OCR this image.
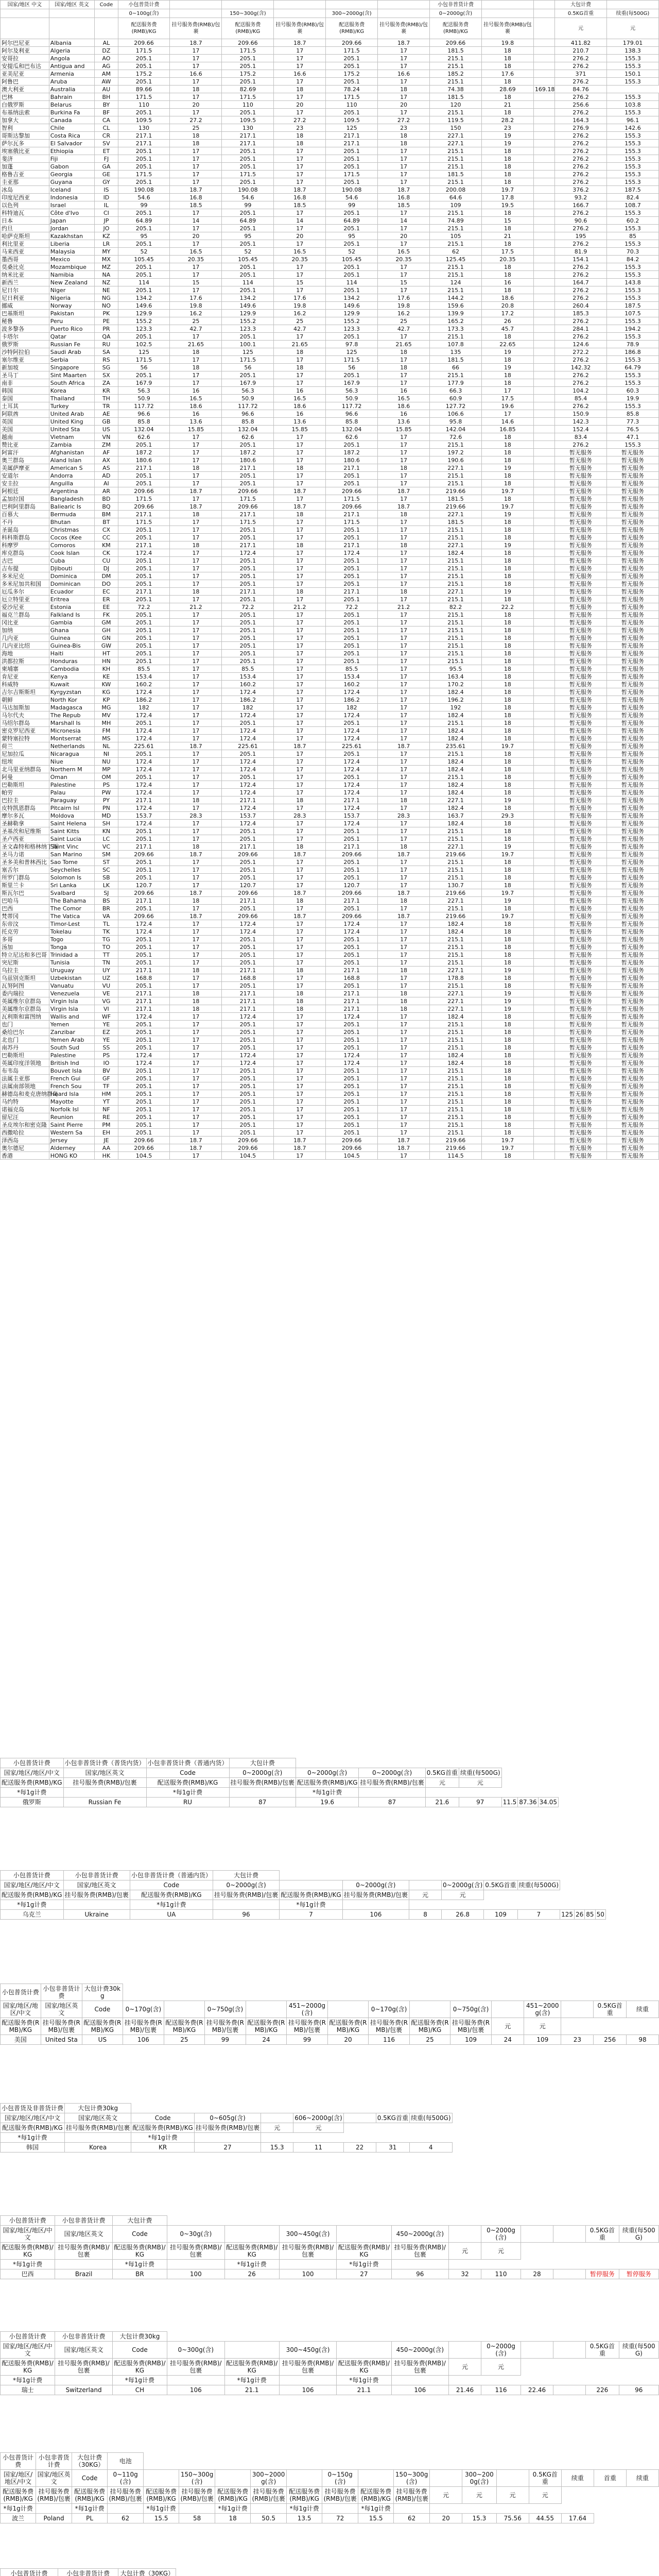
国家/地区 中文	国家/地区 英文	Code	小包普货计费						小包非普货计费			大包计费	
			0~100g(含)		150~300g(含)		300~2000g(含)		0~2000g(含)			0.5KG首重	续重(每500G)
			配送服务费(RMB)/KG	挂号服务费(RMB)/包裹	配送服务费(RMB)/KG	挂号服务费(RMB)/包裹	配送服务费(RMB)/KG	挂号服务费(RMB)/包裹	配送服务费(RMB)/KG	挂号服务费(RMB)/包裹		元	元
阿尔巴尼亚	Albania	AL	209.66	18.7	209.66	18.7	209.66	18.7	209.66	19.8		411.82	179.01
阿尔及利亚	Algeria	DZ	171.5	17	171.5	17	171.5	17	181.5	18		210.7	138.3
安哥拉	Angola	AO	205.1	17	205.1	17	205.1	17	215.1	18		276.2	155.3
安提瓜和巴布达	Antigua and	AG	205.1	17	205.1	17	205.1	17	215.1	18		276.2	155.3
亚美尼亚	Armenia	AM	175.2	16.6	175.2	16.6	175.2	16.6	185.2	17.6		371	150.1
阿鲁巴	Aruba	AW	205.1	17	205.1	17	205.1	17	215.1	18		276.2	155.3
澳大利亚	Australia	AU	89.66	18	82.69	18	78.24	18	74.38	28.69	169.18	84.76	
巴林	Bahrain	BH	171.5	17	171.5	17	171.5	17	181.5	18		276.2	155.3
白俄罗斯	Belarus	BY	110	20	110	20	110	20	120	21		256.6	103.8
布基纳法索	Burkina Fa	BF	205.1	17	205.1	17	205.1	17	215.1	18		276.2	155.3
加拿大	Canada	CA	109.5	27.2	109.5	27.2	109.5	27.2	119.5	28.2		164.3	96.1
智利	Chile	CL	130	25	130	23	125	23	150	23		276.9	142.6
哥斯达黎加	Costa Rica	CR	217.1	18	217.1	18	217.1	18	227.1	19		276.2	155.3
萨尔瓦多	El Salvador	SV	217.1	18	217.1	18	217.1	18	227.1	19		276.2	155.3
埃塞俄比亚	Ethiopia	ET	205.1	17	205.1	17	205.1	17	215.1	18		276.2	155.3
斐济	Fiji	FJ	205.1	17	205.1	17	205.1	17	215.1	18		276.2	155.3
加蓬	Gabon	GA	205.1	17	205.1	17	205.1	17	215.1	18		276.2	155.3
格鲁吉亚	Georgia	GE	171.5	17	171.5	17	171.5	17	181.5	18		276.2	155.3
圭亚那	Guyana	GY	205.1	17	205.1	17	205.1	17	215.1	18		276.2	155.3
冰岛	Iceland	IS	190.08	18.7	190.08	18.7	190.08	18.7	200.08	19.7		376.2	187.5
印度尼西亚	Indonesia	ID	54.6	16.8	54.6	16.8	54.6	16.8	64.6	17.8		93.2	82.4
以色列	Israel	IL	99	18.5	99	18.5	99	18.5	109	19.5		166.7	108.7
科特迪瓦	Côte d'Ivo	CI	205.1	17	205.1	17	205.1	17	215.1	18		276.2	155.3
日本	Japan	JP	64.89	14	64.89	14	64.89	14	74.89	15		90.6	60.2
约旦	Jordan	JO	205.1	17	205.1	17	205.1	17	215.1	18		276.2	155.3
哈萨克斯坦	Kazakhstan	KZ	95	20	95	20	95	20	105	21		195	85
利比里亚	Liberia	LR	205.1	17	205.1	17	205.1	17	215.1	18		276.2	155.3
马来西亚	Malaysia	MY	52	16.5	52	16.5	52	16.5	62	17.5		81.9	70.3
墨西哥	Mexico	MX	105.45	20.35	105.45	20.35	105.45	20.35	125.45	20.35		154.1	84.2
莫桑比克	Mozambique	MZ	205.1	17	205.1	17	205.1	17	215.1	18		276.2	155.3
纳米比亚	Namibia	NA	205.1	17	205.1	17	205.1	17	215.1	18		276.2	155.3
新西兰	New Zealand	NZ	114	15	114	15	114	15	124	16		164.7	143.8
尼日尔	Niger	NE	205.1	17	205.1	17	205.1	17	215.1	18		276.2	155.3
尼日利亚	Nigeria	NG	134.2	17.6	134.2	17.6	134.2	17.6	144.2	18.6		276.2	155.3
挪威	Norway	NO	149.6	19.8	149.6	19.8	149.6	19.8	159.6	20.8		260.4	187.5
巴基斯坦	Pakistan	PK	129.9	16.2	129.9	16.2	129.9	16.2	139.9	17.2		185.3	107.5
秘鲁	Peru	PE	155.2	25	155.2	25	155.2	25	165.2	26		276.2	155.3
波多黎各	Puerto Rico	PR	123.3	42.7	123.3	42.7	123.3	42.7	173.3	45.7		284.1	194.2
卡塔尔	Qatar	QA	205.1	17	205.1	17	205.1	17	215.1	18		276.2	155.3
俄罗斯	Russian Fe	RU	102.5	21.65	100.1	21.65	97.8	21.65	107.8	22.65		124.6	78.9
沙特阿拉伯	Saudi Arab	SA	125	18	125	18	125	18	135	19		272.2	186.8
塞尔维亚	Serbia	RS	171.5	17	171.5	17	171.5	17	181.5	18		276.2	155.3
新加坡	Singapore	SG	56	18	56	18	56	18	66	19		142.32	64.79
圣马丁	Sint Maarten	SX	205.1	17	205.1	17	205.1	17	215.1	18		276.2	155.3
南非	South Africa	ZA	167.9	17	167.9	17	167.9	17	177.9	18		276.2	155.3
韩国	Korea	KR	56.3	16	56.3	16	56.3	16	66.3	17		104.2	60.3
泰国	Thailand	TH	50.9	16.5	50.9	16.5	50.9	16.5	60.9	17.5		85.4	19.9
土耳其	Turkey	TR	117.72	18.6	117.72	18.6	117.72	18.6	127.72	19.6		276.2	155.3
阿联酋	United Arab	AE	96.6	16	96.6	16	96.6	16	106.6	17		150.9	85.8
英国	United King	GB	85.8	13.6	85.8	13.6	85.8	13.6	95.8	14.6		142.3	77.3
美国	United Sta	US	132.04	15.85	132.04	15.85	132.04	15.85	142.04	16.85		152.4	76.5
越南	Vietnam	VN	62.6	17	62.6	17	62.6	17	72.6	18		83.4	47.1
赞比亚	Zambia	ZM	205.1	17	205.1	17	205.1	17	215.1	18		276.2	155.3
阿富汗	Afghanistan	AF	187.2	17	187.2	17	187.2	17	197.2	18		暂无服务	暂无服务
奥兰群岛	Aland Islan	AX	180.6	17	180.6	17	180.6	17	190.6	18		暂无服务	暂无服务
美属萨摩亚	American S	AS	217.1	18	217.1	18	217.1	18	227.1	19		暂无服务	暂无服务
安道尔	Andorra	AD	205.1	17	205.1	17	205.1	17	215.1	18		暂无服务	暂无服务
安圭拉	Anguilla	AI	205.1	17	205.1	17	205.1	17	215.1	18		暂无服务	暂无服务
阿根廷	Argentina	AR	209.66	18.7	209.66	18.7	209.66	18.7	219.66	19.7		暂无服务	暂无服务
孟加拉国	Bangladesh	BD	171.5	17	171.5	17	171.5	17	181.5	18		暂无服务	暂无服务
巴利阿里群岛	Baliearic Is	BQ	209.66	18.7	209.66	18.7	209.66	18.7	219.66	19.7		暂无服务	暂无服务
百慕大	Bermuda	BM	217.1	18	217.1	18	217.1	18	227.1	19		暂无服务	暂无服务
不丹	Bhutan	BT	171.5	17	171.5	17	171.5	17	181.5	18		暂无服务	暂无服务
圣诞岛	Christmas	CX	205.1	17	205.1	17	205.1	17	215.1	18		暂无服务	暂无服务
科科斯群岛	Cocos (Kee	CC	205.1	17	205.1	17	205.1	17	215.1	18		暂无服务	暂无服务
科摩罗	Comoros	KM	217.1	18	217.1	18	217.1	18	227.1	19		暂无服务	暂无服务
库克群岛	Cook Islan	CK	172.4	17	172.4	17	172.4	17	182.4	18		暂无服务	暂无服务
古巴	Cuba	CU	205.1	17	205.1	17	205.1	17	215.1	18		暂无服务	暂无服务
吉布提	Djibouti	DJ	205.1	17	205.1	17	205.1	17	215.1	18		暂无服务	暂无服务
多米尼克	Dominica	DM	205.1	17	205.1	17	205.1	17	215.1	18		暂无服务	暂无服务
多米尼加共和国	Dominican	DO	205.1	17	205.1	17	205.1	17	215.1	18		暂无服务	暂无服务
厄瓜多尔	Ecuador	EC	217.1	18	217.1	18	217.1	18	227.1	19		暂无服务	暂无服务
厄立特里亚	Eritrea	ER	205.1	17	205.1	17	205.1	17	215.1	18		暂无服务	暂无服务
爱沙尼亚	Estonia	EE	72.2	21.2	72.2	21.2	72.2	21.2	82.2	22.2		暂无服务	暂无服务
福克兰群岛	Falkland Is	FK	205.1	17	205.1	17	205.1	17	215.1	18		暂无服务	暂无服务
冈比亚	Gambia	GM	205.1	17	205.1	17	205.1	17	215.1	18		暂无服务	暂无服务
加纳	Ghana	GH	205.1	17	205.1	17	205.1	17	215.1	18		暂无服务	暂无服务
几内亚	Guinea	GN	205.1	17	205.1	17	205.1	17	215.1	18		暂无服务	暂无服务
几内亚比绍	Guinea-Bis	GW	205.1	17	205.1	17	205.1	17	215.1	18		暂无服务	暂无服务
海地	Haiti	HT	205.1	17	205.1	17	205.1	17	215.1	18		暂无服务	暂无服务
洪都拉斯	Honduras	HN	205.1	17	205.1	17	205.1	17	215.1	18		暂无服务	暂无服务
柬埔寨	Cambodia	KH	85.5	17	85.5	17	85.5	17	95.5	18		暂无服务	暂无服务
肯尼亚	Kenya	KE	153.4	17	153.4	17	153.4	17	163.4	18		暂无服务	暂无服务
科威特	Kuwait	KW	160.2	17	160.2	17	160.2	17	170.2	18		暂无服务	暂无服务
吉尔吉斯斯坦	Kyrgyzstan	KG	172.4	17	172.4	17	172.4	17	182.4	18		暂无服务	暂无服务
朝鲜	North Kor	KP	186.2	17	186.2	17	186.2	17	196.2	18		暂无服务	暂无服务
马达加斯加	Madagasca	MG	182	17	182	17	182	17	192	18		暂无服务	暂无服务
马尔代夫	The Repub	MV	172.4	17	172.4	17	172.4	17	182.4	18		暂无服务	暂无服务
马绍尔群岛	Marshall Is	MH	205.1	17	205.1	17	205.1	17	215.1	18		暂无服务	暂无服务
密克罗尼西亚	Micronesia	FM	172.4	17	172.4	17	172.4	17	182.4	18		暂无服务	暂无服务
蒙特塞拉特	Montserrat	MS	172.4	17	172.4	17	172.4	17	182.4	18		暂无服务	暂无服务
荷兰	Netherlands	NL	225.61	18.7	225.61	18.7	225.61	18.7	235.61	19.7		暂无服务	暂无服务
尼加拉瓜	Nicaragua	NI	205.1	17	205.1	17	205.1	17	215.1	18		暂无服务	暂无服务
纽埃	Niue	NU	172.4	17	172.4	17	172.4	17	182.4	18		暂无服务	暂无服务
北马里亚纳群岛	Northern M	MP	172.4	17	172.4	17	172.4	17	182.4	18		暂无服务	暂无服务
阿曼	Oman	OM	205.1	17	205.1	17	205.1	17	215.1	18		暂无服务	暂无服务
巴勒斯坦	Palestine	PS	172.4	17	172.4	17	172.4	17	182.4	18		暂无服务	暂无服务
帕劳	Palau	PW	172.4	17	172.4	17	172.4	17	182.4	18		暂无服务	暂无服务
巴拉圭	Paraguay	PY	217.1	18	217.1	18	217.1	18	227.1	19		暂无服务	暂无服务
皮特凯恩群岛	Pitcairn Isl	PN	172.4	17	172.4	17	172.4	17	182.4	18		暂无服务	暂无服务
摩尔多瓦	Moldova	MD	153.7	28.3	153.7	28.3	153.7	28.3	163.7	29.3		暂无服务	暂无服务
圣赫勒拿	Saint Helena	SH	172.4	17	172.4	17	172.4	17	182.4	18		暂无服务	暂无服务
圣基茨和尼维斯	Saint Kitts	KN	205.1	17	205.1	17	205.1	17	215.1	18		暂无服务	暂无服务
圣卢西亚	Saint Lucia	LC	205.1	17	205.1	17	205.1	17	215.1	18		暂无服务	暂无服务
圣文森特和格林纳丁斯	Saint Vinc	VC	217.1	18	217.1	18	217.1	18	227.1	19		暂无服务	暂无服务
圣马力诺	San Marino	SM	209.66	18.7	209.66	18.7	209.66	18.7	219.66	19.7		暂无服务	暂无服务
圣多美和普林西比	Sao Tome	ST	205.1	17	205.1	17	205.1	17	215.1	18		暂无服务	暂无服务
塞舌尔	Seychelles	SC	205.1	17	205.1	17	205.1	17	215.1	18		暂无服务	暂无服务
所罗门群岛	Solomon Is	SB	205.1	17	205.1	17	205.1	17	215.1	18		暂无服务	暂无服务
斯里兰卡	Sri Lanka	LK	120.7	17	120.7	17	120.7	17	130.7	18		暂无服务	暂无服务
斯瓦尔巴	Svalbard	SJ	209.66	18.7	209.66	18.7	209.66	18.7	219.66	19.7		暂无服务	暂无服务
巴哈马	The Bahama	BS	217.1	18	217.1	18	217.1	18	227.1	19		暂无服务	暂无服务
巴西	The Comor	BR	205.1	17	205.1	17	205.1	17	215.1	18		暂无服务	暂无服务
梵蒂冈	The Vatica	VA	209.66	18.7	209.66	18.7	209.66	18.7	219.66	19.7		暂无服务	暂无服务
东帝汶	Timor-Lest	TL	172.4	17	172.4	17	172.4	17	182.4	18		暂无服务	暂无服务
托克劳	Tokelau	TK	172.4	17	172.4	17	172.4	17	182.4	18		暂无服务	暂无服务
多哥	Togo	TG	205.1	17	205.1	17	205.1	17	215.1	18		暂无服务	暂无服务
汤加	Tonga	TO	205.1	17	205.1	17	205.1	17	215.1	18		暂无服务	暂无服务
特立尼达和多巴哥	Trinidad a	TT	205.1	17	205.1	17	205.1	17	215.1	18		暂无服务	暂无服务
突尼斯	Tunisia	TN	205.1	17	205.1	17	205.1	17	215.1	18		暂无服务	暂无服务
乌拉圭	Uruguay	UY	217.1	18	217.1	18	217.1	18	227.1	19		暂无服务	暂无服务
乌兹别克斯坦	Uzbekistan	UZ	168.8	17	168.8	17	168.8	17	178.8	18		暂无服务	暂无服务
瓦努阿图	Vanuatu	VU	205.1	17	205.1	17	205.1	17	215.1	18		暂无服务	暂无服务
委内瑞拉	Venezuela	VE	217.1	18	217.1	18	217.1	18	227.1	19		暂无服务	暂无服务
英属维尔京群岛	Virgin Isla	VG	217.1	18	217.1	18	217.1	18	227.1	19		暂无服务	暂无服务
美属维尔京群岛	Virgin Isla	VI	217.1	18	217.1	18	217.1	18	227.1	19		暂无服务	暂无服务
瓦利斯和富图纳	Wallis and	WF	172.4	17	172.4	17	172.4	17	182.4	18		暂无服务	暂无服务
也门	Yemen	YE	205.1	17	205.1	17	205.1	17	215.1	18		暂无服务	暂无服务
桑给巴尔	Zanzibar	EZ	205.1	17	205.1	17	205.1	17	215.1	18		暂无服务	暂无服务
北也门	Yemen Arab	YE	205.1	17	205.1	17	205.1	17	215.1	18		暂无服务	暂无服务
南苏丹	South Sud	SS	205.1	17	205.1	17	205.1	17	215.1	18		暂无服务	暂无服务
巴勒斯坦	Palestine	PS	172.4	17	172.4	17	172.4	17	182.4	18		暂无服务	暂无服务
英属印度洋领地	British Ind	IO	172.4	17	172.4	17	172.4	17	182.4	18		暂无服务	暂无服务
布韦岛	Bouvet Isla	BV	205.1	17	205.1	17	205.1	17	215.1	18		暂无服务	暂无服务
法属圭亚那	French Gui	GF	205.1	17	205.1	17	205.1	17	215.1	18		暂无服务	暂无服务
法属南部领地	French Sou	TF	205.1	17	205.1	17	205.1	17	215.1	18		暂无服务	暂无服务
赫德岛和麦克唐纳群岛	Heard Isla	HM	205.1	17	205.1	17	205.1	17	215.1	18		暂无服务	暂无服务
马约特	Mayotte	YT	205.1	17	205.1	17	205.1	17	215.1	18		暂无服务	暂无服务
诺福克岛	Norfolk Isl	NF	205.1	17	205.1	17	205.1	17	215.1	18		暂无服务	暂无服务
留尼汪	Reunion	RE	205.1	17	205.1	17	205.1	17	215.1	18		暂无服务	暂无服务
圣皮埃尔和密克隆	Saint Pierre	PM	205.1	17	205.1	17	205.1	17	215.1	18		暂无服务	暂无服务
西撒哈拉	Western Sa	EH	205.1	17	205.1	17	205.1	17	215.1	18		暂无服务	暂无服务
泽西岛	Jersey	JE	209.66	18.7	209.66	18.7	209.66	18.7	219.66	19.7		暂无服务	暂无服务
奥尔德尼	Alderney	AA	209.66	18.7	209.66	18.7	209.66	18.7	219.66	19.7		暂无服务	暂无服务
香港	HONG KO	HK	104.5	17	104.5	17	104.5	17	114.5	18		暂无服务	暂无服务
小包普货计费	小包非普货计费（普货内货）	小包非普货计费（普通内货）	大包计费							
国家/地区/地区/中文	国家/地区英文	Code	0~2000g(含)	0~2000g(含)	0~2000g(含)	0.5KG首重	续重(每500G)			
配送服务费(RMB)/KG	挂号服务费(RMB)/包裹	配送服务费(RMB)/KG	挂号服务费(RMB)/包裹	配送服务费(RMB)/KG	挂号服务费(RMB)/包裹	元	元			
*每1g计费		*每1g计费		*每1g计费						
俄罗斯	Russian Fe	RU	87	19.6	87	21.6	97	11.5	87.36	34.05
小包普货计费	小包非普货计费	小包非普货计费（普通内货）	大包计费										
国家/地区/地区/中文	国家/地区英文	Code	0~2000g(含)		0~2000g(含)		0~2000g(含)	0.5KG首重	续重(每500G)				
配送服务费(RMB)/KG	挂号服务费(RMB)/包裹	配送服务费(RMB)/KG	挂号服务费(RMB)/包裹	配送服务费(RMB)/KG	挂号服务费(RMB)/包裹	元	元						
*每1g计费		*每1g计费		*每1g计费									
乌克兰	Ukraine	UA	96	7	106	8	26.8	109	7	125	26	85	50
小包普货计费	小包非普货计费	大包计费30kg														
国家/地区/地区/中文	国家/地区英文	Code	0~170g(含)		0~750g(含)		451~2000g(含)		0~170g(含)		0~750g(含)		451~2000g(含)		0.5KG首重	续重
配送服务费(RMB)/KG	挂号服务费(RMB)/包裹	配送服务费(RMB)/KG	挂号服务费(RMB)/包裹	配送服务费(RMB)/KG	挂号服务费(RMB)/包裹	配送服务费(RMB)/KG	挂号服务费(RMB)/包裹	配送服务费(RMB)/KG	挂号服务费(RMB)/包裹	配送服务费(RMB)/KG	挂号服务费(RMB)/包裹	元	元			
美国	United Sta	US	106	25	99	24	99	20	116	25	109	24	109	23	256	98
小包普货及非普货计费	大包计费30kg							
国家/地区/地区/中文	国家/地区英文	Code	0~605g(含)		606~2000g(含)		0.5KG首重	续重(每500G)
配送服务费(RMB)/KG	挂号服务费(RMB)/包裹	配送服务费(RMB)/KG	挂号服务费(RMB)/包裹	元	元			
*每1g计费		*每1g计费						
韩国	Korea	KR	27	15.3	11	22	31	4
小包普货计费	小包非普货计费	大包计费											
国家/地区/地区/中文	国家/地区英文	Code	0~30g(含)		300~450g(含)		450~2000g(含)		0~2000g(含)			0.5KG首重	续重(每500G)
配送服务费(RMB)/KG	挂号服务费(RMB)/包裹	配送服务费(RMB)/KG	挂号服务费(RMB)/包裹	配送服务费(RMB)/KG	挂号服务费(RMB)/包裹	配送服务费(RMB)/KG	挂号服务费(RMB)/包裹	元	元				
*每1g计费		*每1g计费		*每1g计费		*每1g计费							
巴西	Brazil	BR	100	26	100	27	96	32	110	28		暂停服务	暂停服务
小包普货计费	小包非普货计费	大包计费30kg											
国家/地区/地区/中文	国家/地区英文	Code	0~300g(含)		300~450g(含)		450~2000g(含)		0~2000g(含)			0.5KG首重	续重(每500G)
配送服务费(RMB)/KG	挂号服务费(RMB)/包裹	配送服务费(RMB)/KG	挂号服务费(RMB)/包裹	配送服务费(RMB)/KG	挂号服务费(RMB)/包裹	配送服务费(RMB)/KG	挂号服务费(RMB)/包裹	元	元				
*每1g计费		*每1g计费		*每1g计费		*每1g计费							
瑞士	Switzerland	CH	106	21.1	106	21.1	106	21.46	116	22.46		226	96
小包普货计费	小包非普货计费	大包计费（30KG）	电池															
国家/地区/地区/中文	国家/地区英文	Code	0~110g(含)		150~300g(含)		300~2000g(含)		0~150g(含)		150~300g(含)		300~2000g(含)		0.5KG首重	续重	首重	续重
配送服务费(RMB)/KG	挂号服务费(RMB)/包裹	配送服务费(RMB)/KG	挂号服务费(RMB)/包裹	配送服务费(RMB)/KG	挂号服务费(RMB)/包裹	配送服务费(RMB)/KG	挂号服务费(RMB)/包裹	配送服务费(RMB)/KG	挂号服务费(RMB)/包裹	配送服务费(RMB)/KG	挂号服务费(RMB)/包裹	元	元	元	元			
*每1g计费		*每1g计费		*每1g计费		*每1g计费		*每1g计费		*每1g计费								
波兰	Poland	PL	62	15.5	58	18	50.5	13.5	72	15.5	62	20	15.3	75.56	44.55	17.64		
小包普货计费	小包非普货计费	大包计费（30KG）										
